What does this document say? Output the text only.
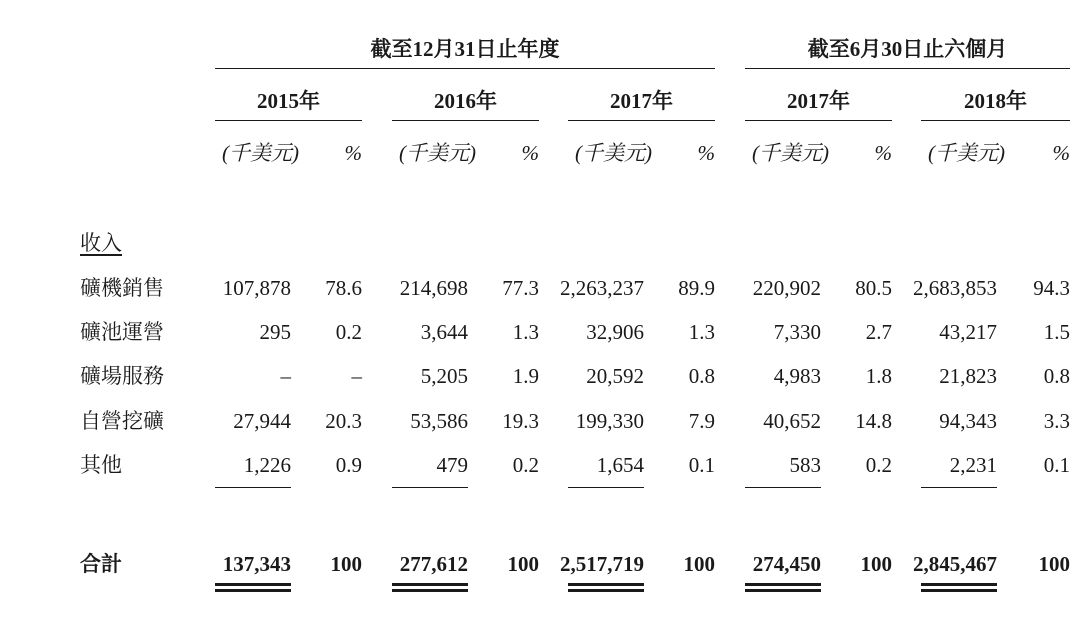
截至12月31日止年度	截至6月30日止六個月
2015年	2016年	2017年	2017年	2018年
(千美元)	% (千美元)	% (千美元)	% (千美元)	% (千美元)	%
收入
礦機銷售	107,878	78.6	214,698	77.3	2,263,237	89.9	220,902	80.5	2,683,853	94.3
礦池運營	295	0.2	3,644	1.3	32,906	1.3	7,330	2.7	43,217	1.5
礦場服務	–	–	5,205	1.9	20,592	0.8	4,983	1.8	21,823	0.8
自營挖礦	27,944	20.3	53,586	19.3	199,330	7.9	40,652	14.8	94,343	3.3
其他	1,226	0.9	479	0.2	1,654	0.1	583	0.2	2,231	0.1
合計	137,343	100	277,612	100	2,517,719	100	274,450	100	2,845,467	100
